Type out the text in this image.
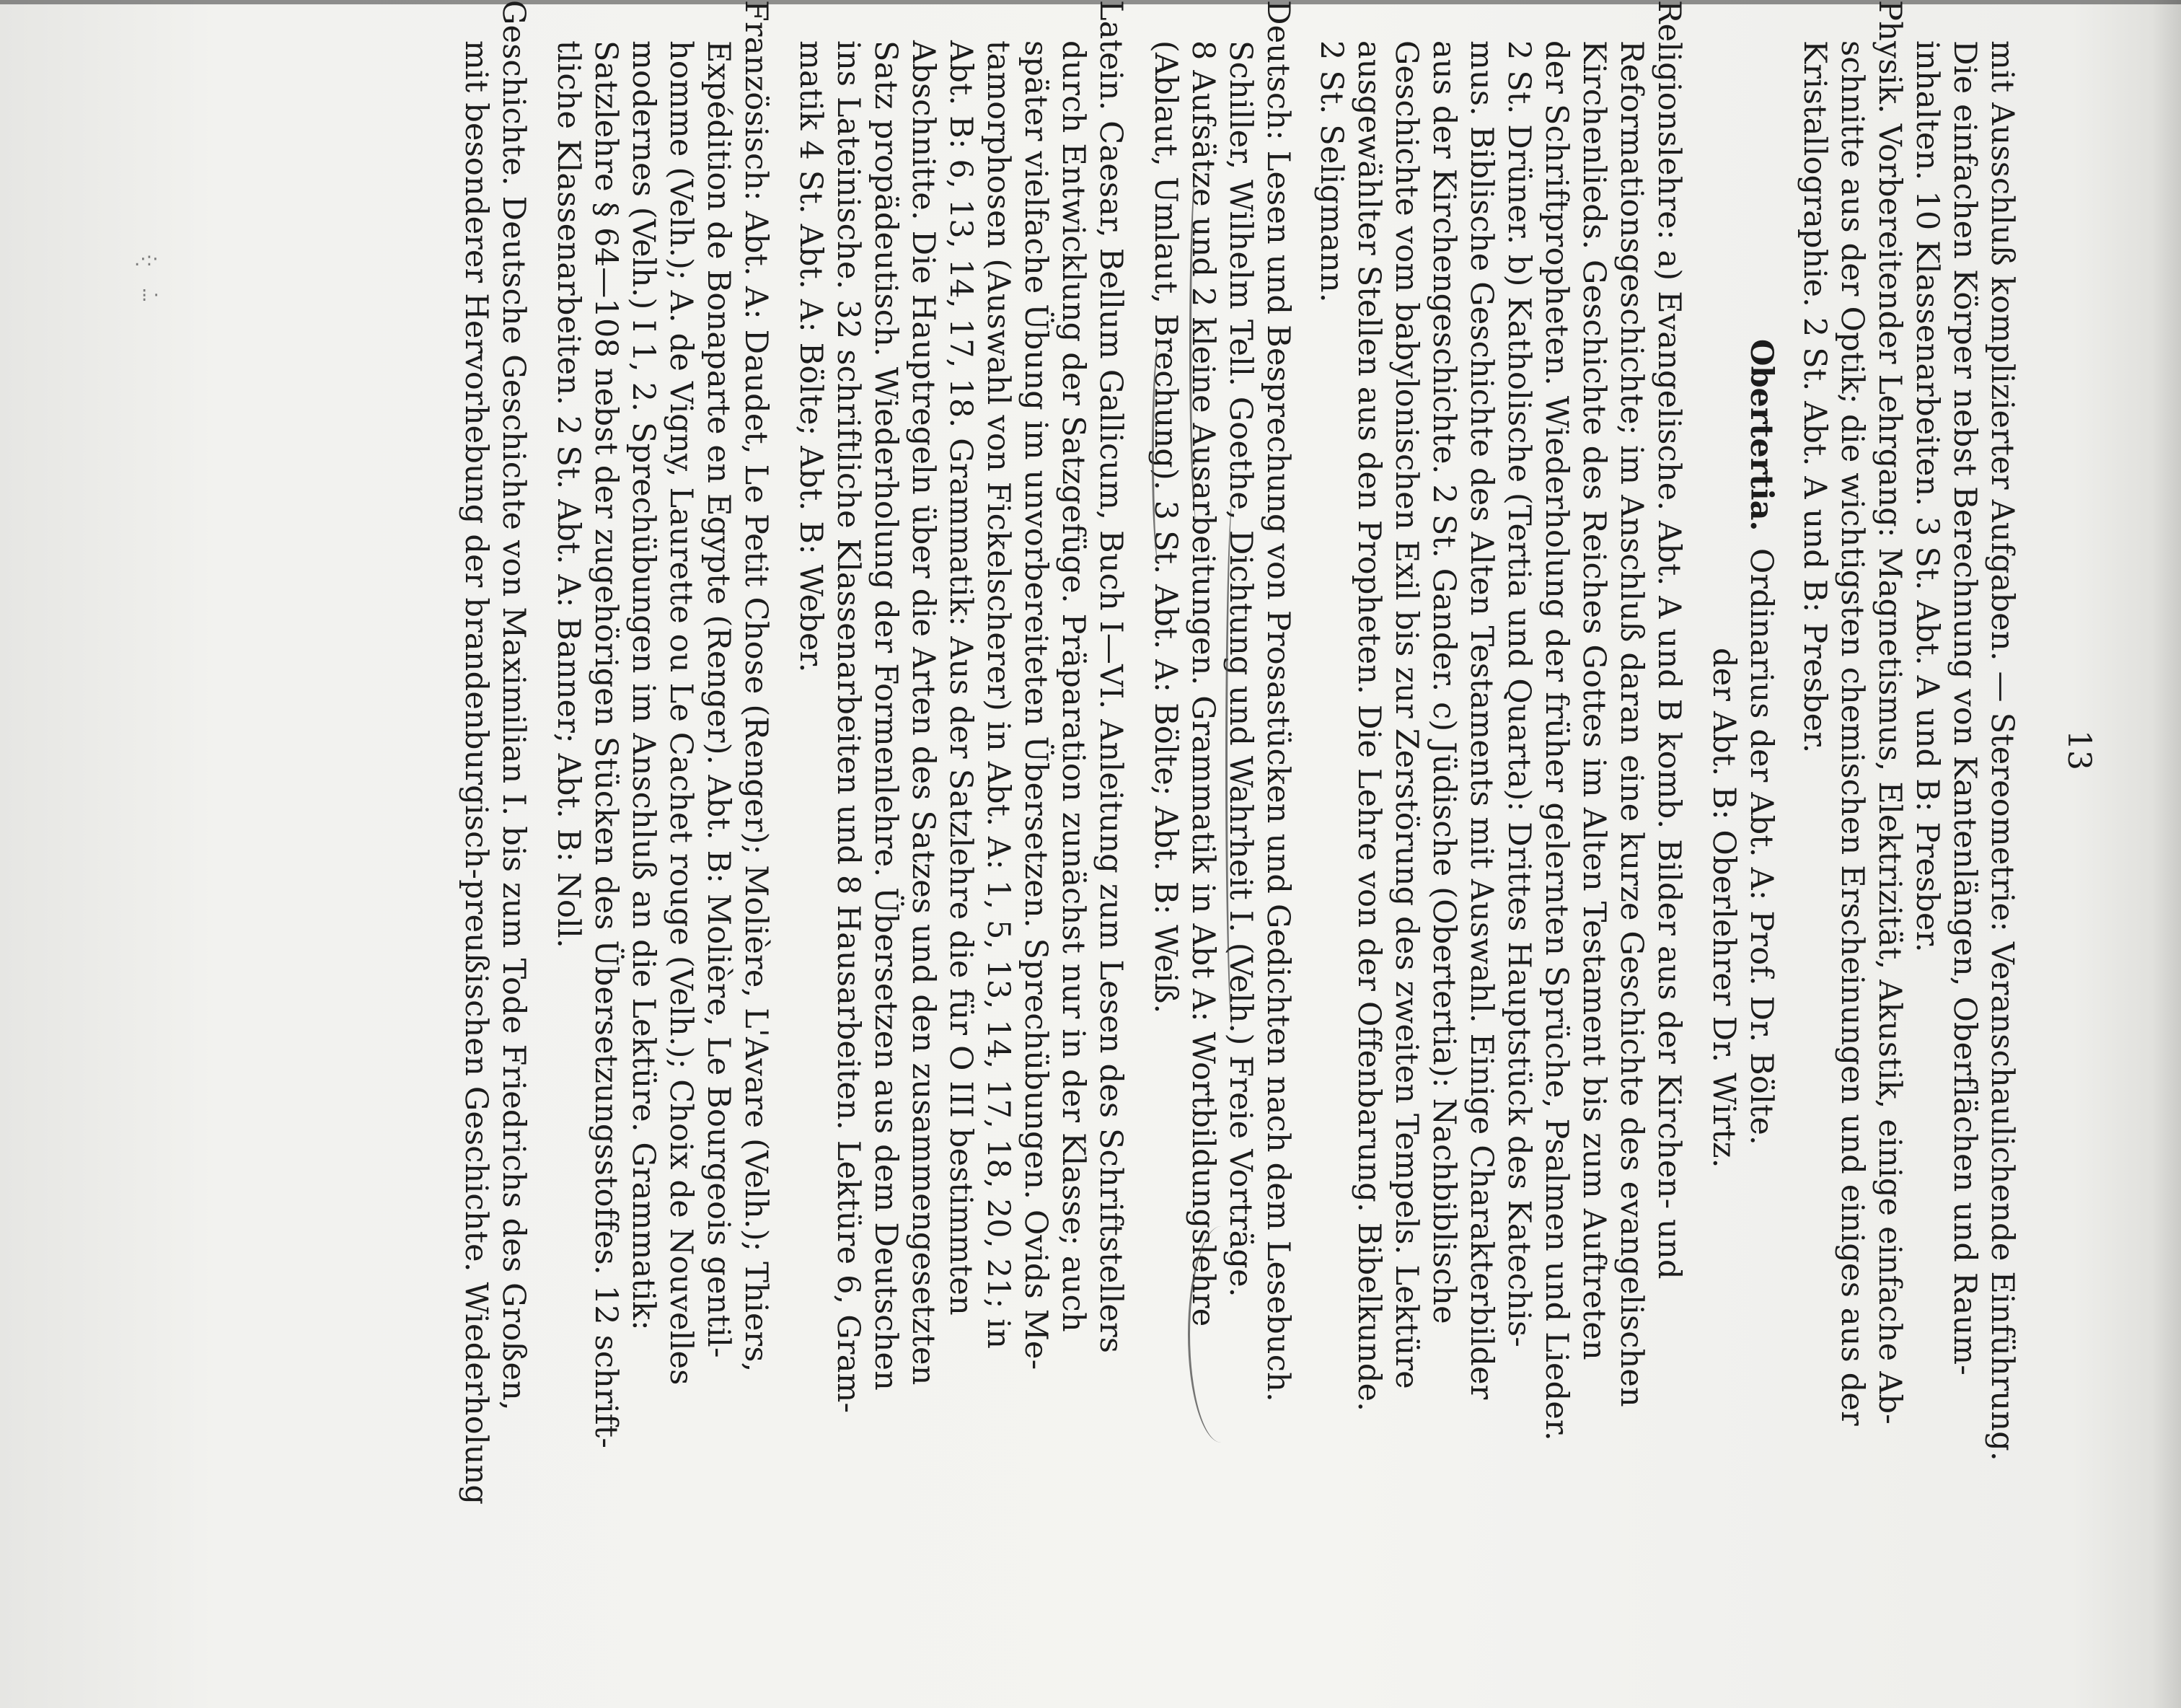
.·:·
⁝ ·
13
mit Ausschluß komplizierter Aufgaben. — Stereometrie: Veranschaulichende Einführung.
Die einfachen Körper nebst Berechnung von Kantenlängen, Oberflächen und Raum-
inhalten. 10 Klassenarbeiten. 3 St. Abt. A und B: Presber.
Physik. Vorbereitender Lehrgang: Magnetismus, Elektrizität, Akustik, einige einfache Ab-
schnitte aus der Optik; die wichtigsten chemischen Erscheinungen und einiges aus der
Kristallographie. 2 St. Abt. A und B: Presber.
Obertertia.
Ordinarius der Abt. A: Prof. Dr. Bölte.
der Abt. B: Oberlehrer Dr. Wirtz.
Religionslehre: a) Evangelische. Abt. A und B komb. Bilder aus der Kirchen- und
Reformationsgeschichte; im Anschluß daran eine kurze Geschichte des evangelischen
Kirchenlieds. Geschichte des Reiches Gottes im Alten Testament bis zum Auftreten
der Schriftpropheten. Wiederholung der früher gelernten Sprüche, Psalmen und Lieder.
2 St. Drüner. b) Katholische (Tertia und Quarta): Drittes Hauptstück des Katechis-
mus. Biblische Geschichte des Alten Testaments mit Auswahl. Einige Charakterbilder
aus der Kirchengeschichte. 2 St. Gander. c) Jüdische (Obertertia): Nachbiblische
Geschichte vom babylonischen Exil bis zur Zerstörung des zweiten Tempels. Lektüre
ausgewählter Stellen aus den Propheten. Die Lehre von der Offenbarung. Bibelkunde.
2 St. Seligmann.
Deutsch: Lesen und Besprechung von Prosastücken und Gedichten nach dem Lesebuch.
Schiller, Wilhelm Tell. Goethe, Dichtung und Wahrheit I. (Velh.) Freie Vorträge.
8 Aufsätze und 2 kleine Ausarbeitungen. Grammatik in Abt A: Wortbildungslehre
(Ablaut, Umlaut, Brechung). 3 St. Abt. A: Bölte; Abt. B: Weiß.
Latein. Caesar, Bellum Gallicum, Buch I—VI. Anleitung zum Lesen des Schriftstellers
durch Entwicklung der Satzgefüge. Präparation zunächst nur in der Klasse; auch
später vielfache Übung im unvorbereiteten Übersetzen. Sprechübungen. Ovids Me-
tamorphosen (Auswahl von Fickelscherer) in Abt. A: 1, 5, 13, 14, 17, 18, 20, 21; in
Abt. B: 6, 13, 14, 17, 18. Grammatik: Aus der Satzlehre die für O III bestimmten
Abschnitte. Die Hauptregeln über die Arten des Satzes und den zusammengesetzten
Satz propädeutisch. Wiederholung der Formenlehre. Übersetzen aus dem Deutschen
ins Lateinische. 32 schriftliche Klassenarbeiten und 8 Hausarbeiten. Lektüre 6, Gram-
matik 4 St. Abt. A: Bölte; Abt. B: Weber.
Französisch: Abt. A: Daudet, Le Petit Chose (Renger); Molière, L'Avare (Velh.); Thiers,
Expédition de Bonaparte en Egypte (Renger). Abt. B: Molière, Le Bourgeois gentil-
homme (Velh.); A. de Vigny, Laurette ou Le Cachet rouge (Velh.); Choix de Nouvelles
modernes (Velh.) I 1, 2. Sprechübungen im Anschluß an die Lektüre. Grammatik:
Satzlehre § 64—108 nebst der zugehörigen Stücken des Übersetzungsstoffes. 12 schrift-
tliche Klassenarbeiten. 2 St. Abt. A: Banner; Abt. B: Noll.
Geschichte. Deutsche Geschichte von Maximilian I. bis zum Tode Friedrichs des Großen,
mit besonderer Hervorhebung der brandenburgisch-preußischen Geschichte. Wiederholung
